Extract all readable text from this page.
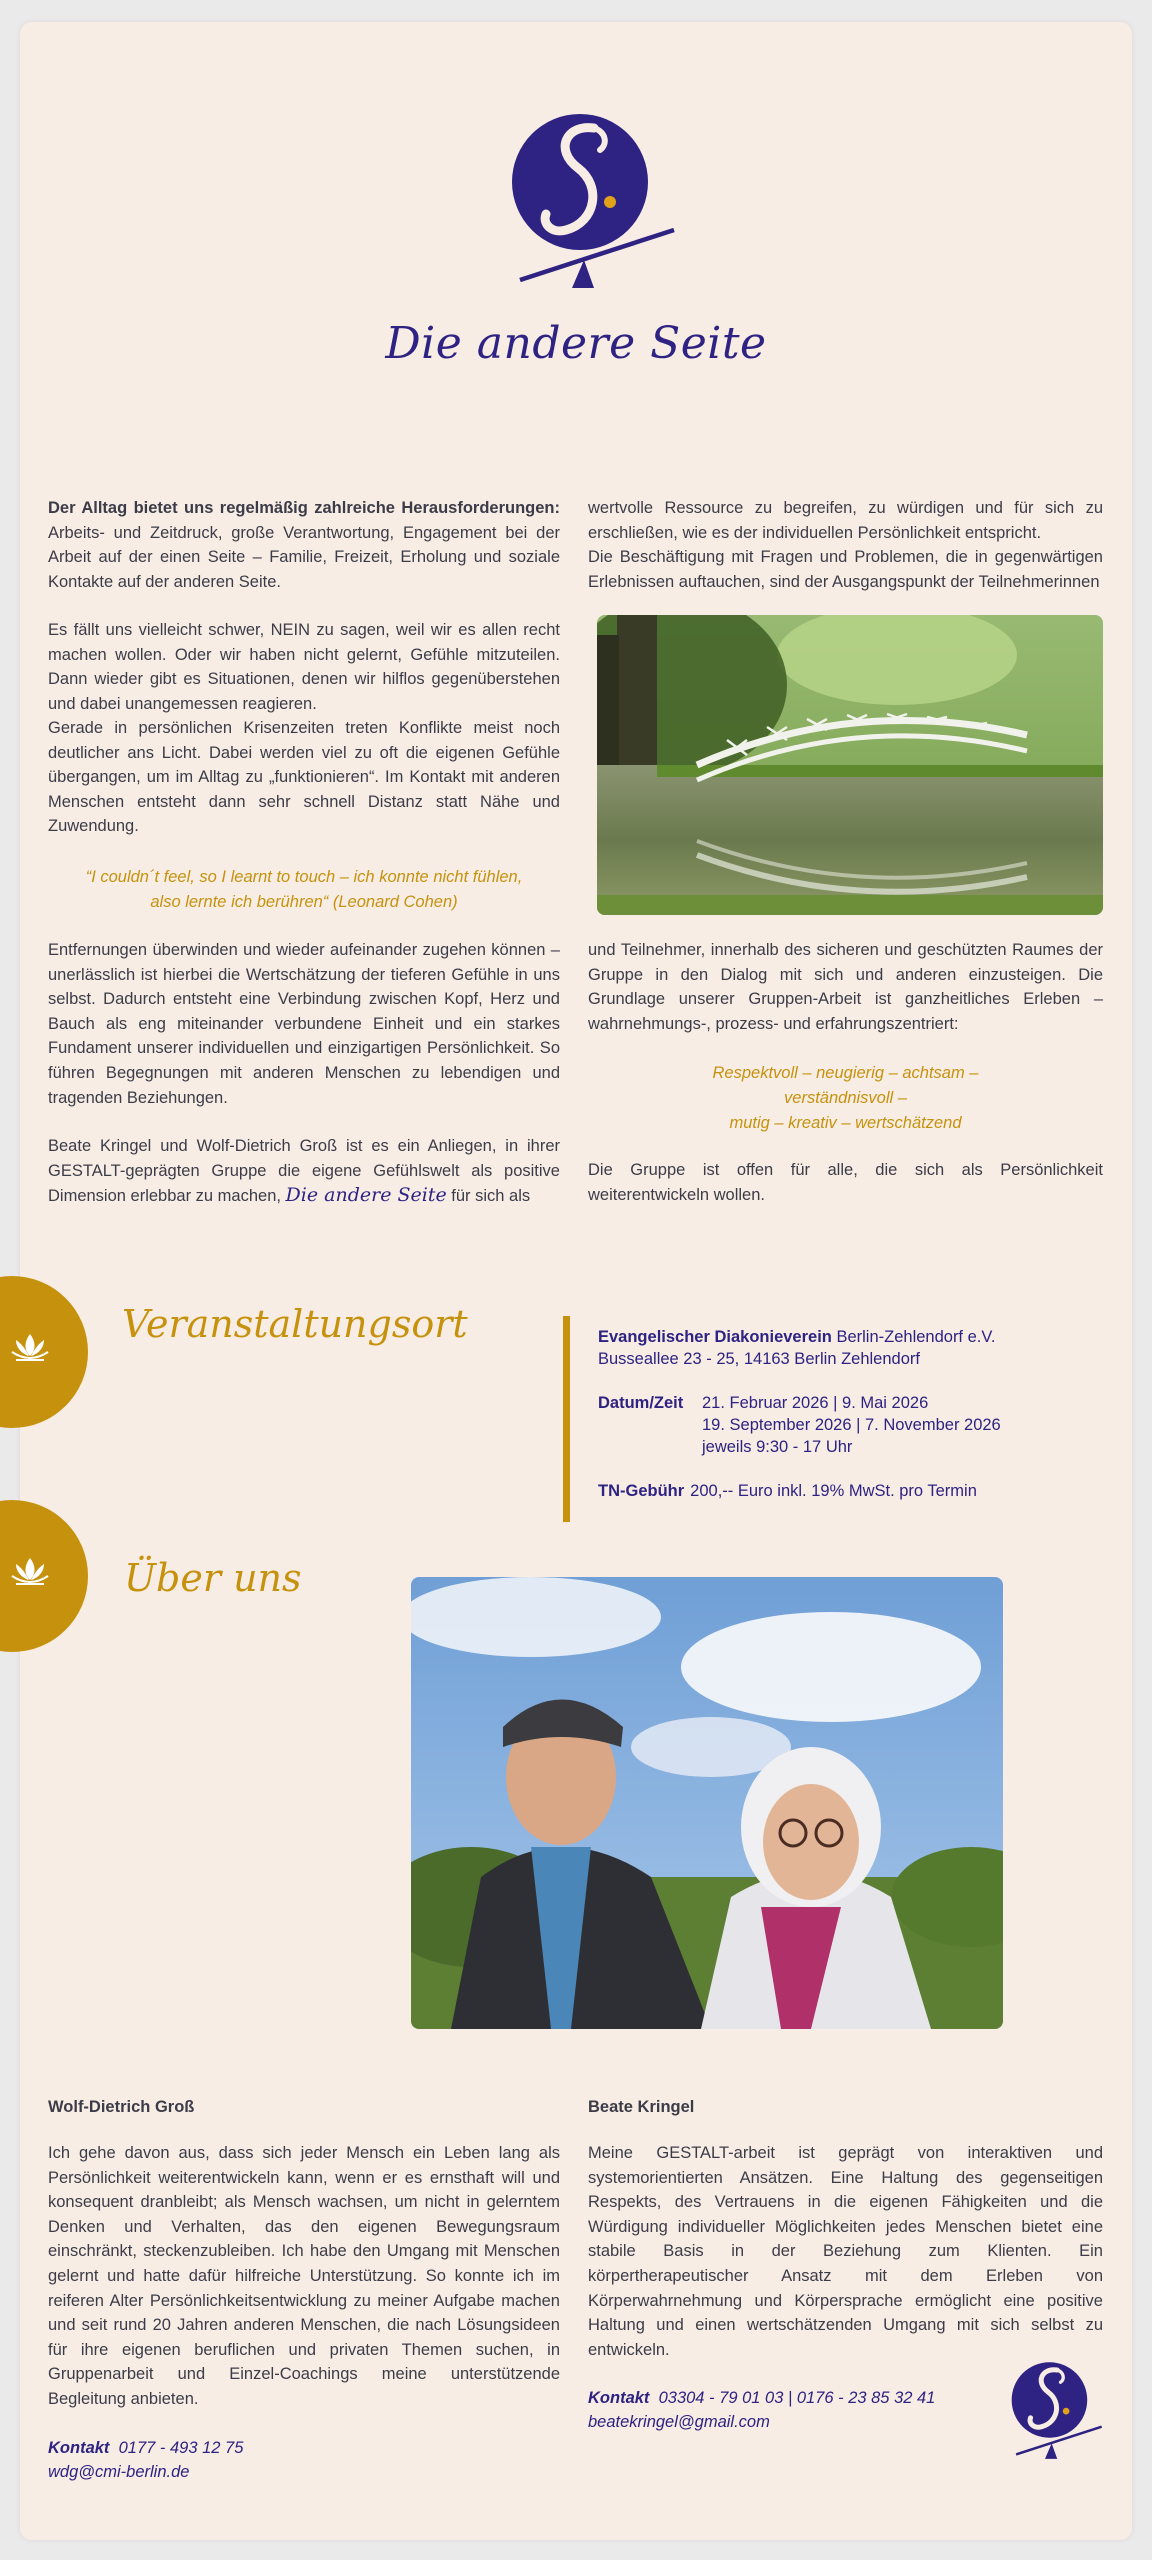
Die andere Seite
Der Alltag bietet uns regelmäßig zahlreiche Herausforderungen: Arbeits- und Zeitdruck, große Verantwortung, Engagement bei der Arbeit auf der einen Seite – Familie, Freizeit, Erholung und soziale Kontakte auf der anderen Seite.
Es fällt uns vielleicht schwer, NEIN zu sagen, weil wir es allen recht machen wollen. Oder wir haben nicht gelernt, Gefühle mitzuteilen. Dann wieder gibt es Situationen, denen wir hilflos gegenüberstehen und dabei unangemessen reagieren.
Gerade in persönlichen Krisenzeiten treten Konflikte meist noch deutlicher ans Licht. Dabei werden viel zu oft die eigenen Gefühle übergangen, um im Alltag zu „funktionieren“. Im Kontakt mit anderen Menschen entsteht dann sehr schnell Distanz statt Nähe und Zuwendung.
“I couldn´t feel, so I learnt to touch – ich konnte nicht fühlen,
also lernte ich berühren“ (Leonard Cohen)
Entfernungen überwinden und wieder aufeinander zugehen können – unerlässlich ist hierbei die Wertschätzung der tieferen Gefühle in uns selbst. Dadurch entsteht eine Verbindung zwischen Kopf, Herz und Bauch als eng miteinander verbundene Einheit und ein starkes Fundament unserer individuellen und einzigartigen Persönlichkeit. So führen Begegnungen mit anderen Menschen zu lebendigen und tragenden Beziehungen.
Beate Kringel und Wolf-Dietrich Groß ist es ein Anliegen, in ihrer GESTALT-geprägten Gruppe die eigene Gefühlswelt als positive Dimension erlebbar zu machen, Die andere Seite für sich als
wertvolle Ressource zu begreifen, zu würdigen und für sich zu erschließen, wie es der individuellen Persönlichkeit entspricht.
Die Beschäftigung mit Fragen und Problemen, die in gegenwärtigen Erlebnissen auftauchen, sind der Ausgangspunkt der Teilnehmerinnen
und Teilnehmer, innerhalb des sicheren und geschützten Raumes der Gruppe in den Dialog mit sich und anderen einzusteigen. Die Grundlage unserer Gruppen-Arbeit ist ganzheitliches Erleben – wahrnehmungs-, prozess- und erfahrungszentriert:
Respektvoll – neugierig – achtsam –
verständnisvoll –
mutig – kreativ – wertschätzend
Die Gruppe ist offen für alle, die sich als Persönlichkeit weiterentwickeln wollen.
Veranstaltungsort	Evangelischer Diakonieverein Berlin-Zehlendorf e.V.
Busseallee 23 - 25, 14163 Berlin Zehlendorf
Datum/Zeit	21. Februar 2026 | 9. Mai 2026
19. September 2026 | 7. November 2026
jeweils 9:30 - 17 Uhr
TN-Gebühr 200,-- Euro inkl. 19% MwSt. pro Termin
Über uns
Wolf-Dietrich Groß
Ich gehe davon aus, dass sich jeder Mensch ein Leben lang als Persönlichkeit weiterentwickeln kann, wenn er es ernsthaft will und konsequent dranbleibt; als Mensch wachsen, um nicht in gelerntem Denken und Verhalten, das den eigenen Bewegungsraum einschränkt, steckenzubleiben. Ich habe den Umgang mit Menschen gelernt und hatte dafür hilfreiche Unterstützung. So konnte ich im reiferen Alter Persönlichkeitsentwicklung zu meiner Aufgabe machen und seit rund 20 Jahren anderen Menschen, die nach Lösungsideen für ihre eigenen beruflichen und privaten Themen suchen, in Gruppenarbeit und Einzel-Coachings meine unterstützende Begleitung anbieten.
Kontakt 0177 - 493 12 75
wdg@cmi-berlin.de
Beate Kringel
Meine GESTALT-arbeit ist geprägt von interaktiven und systemorientierten Ansätzen. Eine Haltung des gegenseitigen Respekts, des Vertrauens in die eigenen Fähigkeiten und die Würdigung individueller Möglichkeiten jedes Menschen bietet eine stabile Basis in der Beziehung zum Klienten. Ein körpertherapeutischer Ansatz mit dem Erleben von Körperwahrnehmung und Körpersprache ermöglicht eine positive Haltung und einen wertschätzenden Umgang mit sich selbst zu entwickeln.
Kontakt 03304 - 79 01 03 | 0176 - 23 85 32 41
beatekringel@gmail.com
